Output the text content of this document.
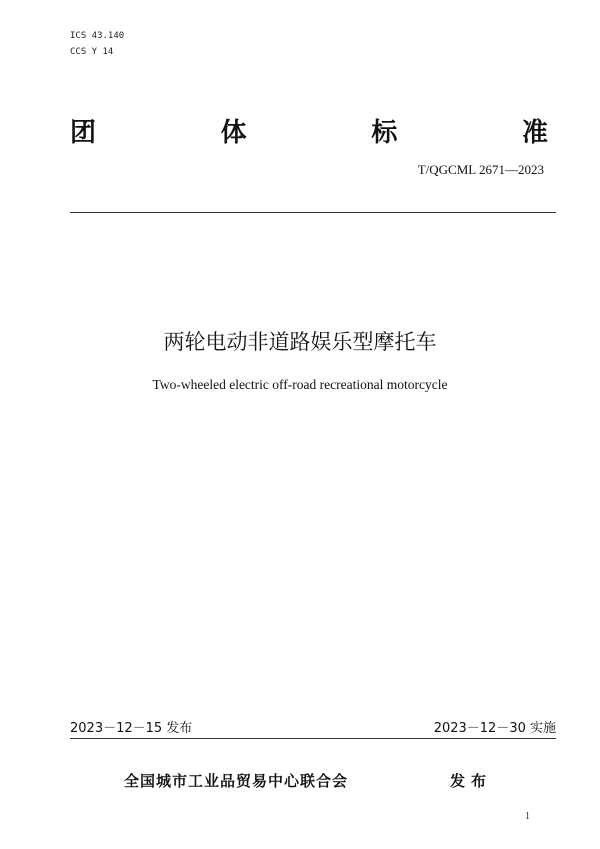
ICS 43.140
CCS Y 14
团	体	标	准
T/QGCML 2671—2023
两轮电动非道路娱乐型摩托车
Two-wheeled electric off-road recreational motorcycle
2023－12－15 发布	2023－12－30 实施
全国城市工业品贸易中心联合会	发布
1
